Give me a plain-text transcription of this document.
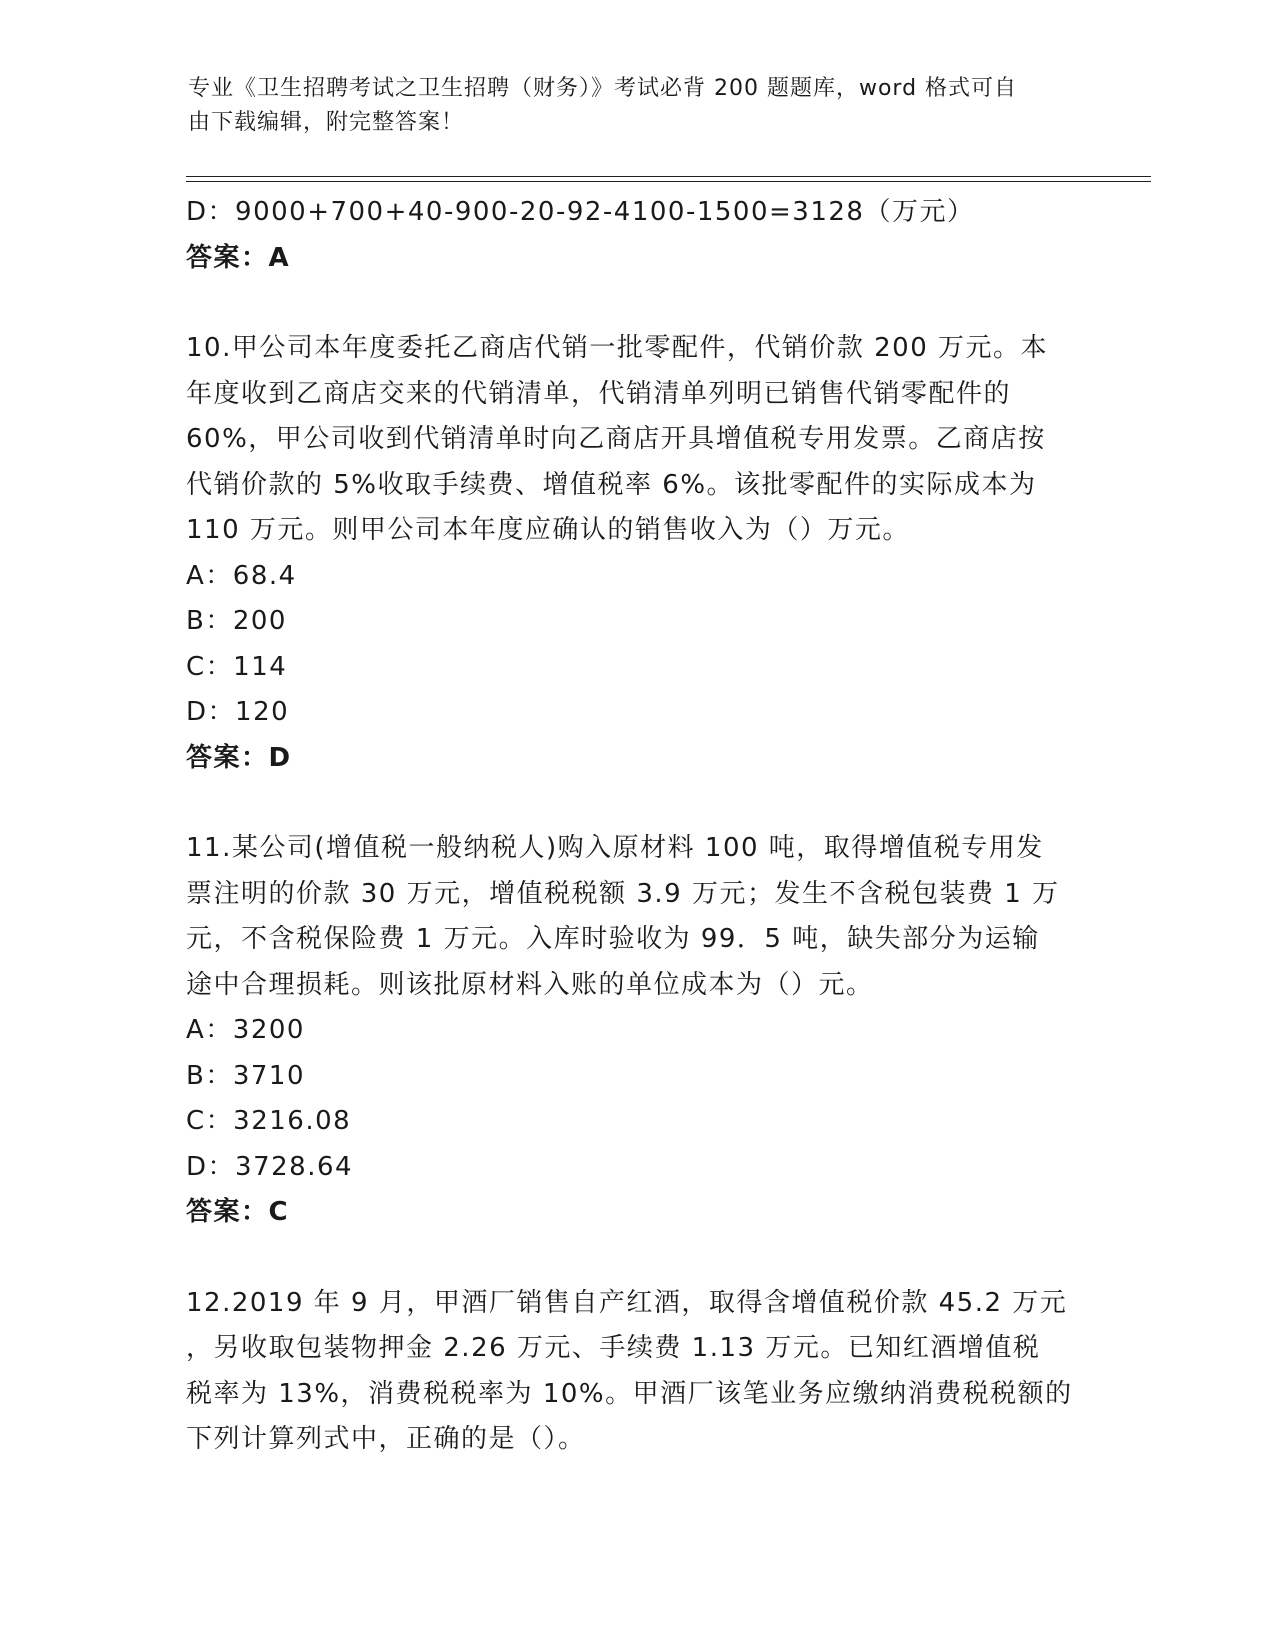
专业《卫生招聘考试之卫生招聘（财务）》考试必背 200 题题库，word 格式可自
由下载编辑，附完整答案！
D：9000+700+40-900-20-92-4100-1500=3128（万元）
答案：A
10.甲公司本年度委托乙商店代销一批零配件，代销价款 200 万元。本
年度收到乙商店交来的代销清单，代销清单列明已销售代销零配件的
60%，甲公司收到代销清单时向乙商店开具增值税专用发票。乙商店按
代销价款的 5%收取手续费、增值税率 6%。该批零配件的实际成本为
110 万元。则甲公司本年度应确认的销售收入为（）万元。
A：68.4
B：200
C：114
D：120
答案：D
11.某公司(增值税一般纳税人)购入原材料 100 吨，取得增值税专用发
票注明的价款 30 万元，增值税税额 3.9 万元；发生不含税包装费 1 万
元，不含税保险费 1 万元。入库时验收为 99．5 吨，缺失部分为运输
途中合理损耗。则该批原材料入账的单位成本为（）元。
A：3200
B：3710
C：3216.08
D：3728.64
答案：C
12.2019 年 9 月，甲酒厂销售自产红酒，取得含增值税价款 45.2 万元
，另收取包装物押金 2.26 万元、手续费 1.13 万元。已知红酒增值税
税率为 13%，消费税税率为 10%。甲酒厂该笔业务应缴纳消费税税额的
下列计算列式中，正确的是（）。
